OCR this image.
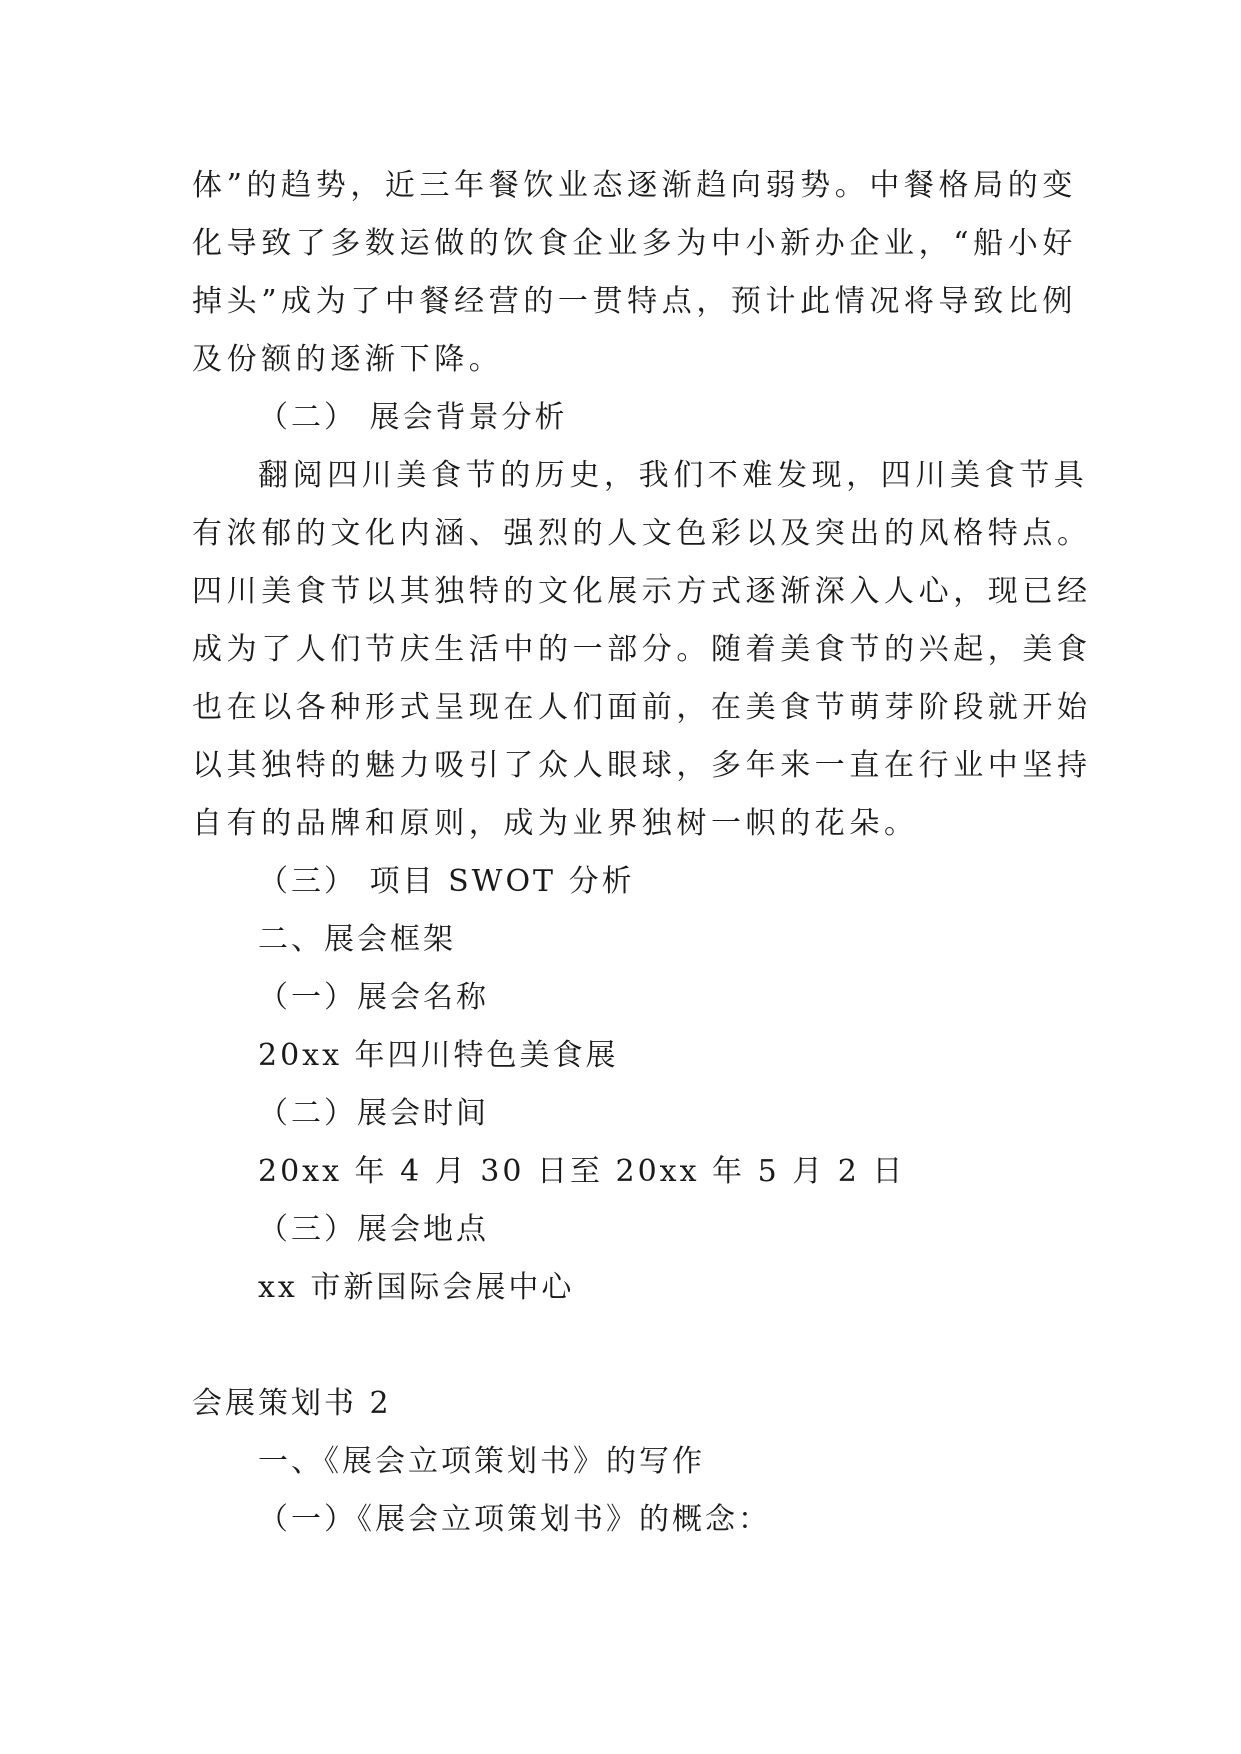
体”的趋势，近三年餐饮业态逐渐趋向弱势。中餐格局的变
化导致了多数运做的饮食企业多为中小新办企业，“船小好
掉头”成为了中餐经营的一贯特点，预计此情况将导致比例
及份额的逐渐下降。
（二） 展会背景分析
翻阅四川美食节的历史，我们不难发现，四川美食节具
有浓郁的文化内涵、强烈的人文色彩以及突出的风格特点。
四川美食节以其独特的文化展示方式逐渐深入人心，现已经
成为了人们节庆生活中的一部分。随着美食节的兴起，美食
也在以各种形式呈现在人们面前，在美食节萌芽阶段就开始
以其独特的魅力吸引了众人眼球，多年来一直在行业中坚持
自有的品牌和原则，成为业界独树一帜的花朵。
（三） 项目 SWOT 分析
二、展会框架
（一）展会名称
20xx 年四川特色美食展
（二）展会时间
20xx 年 4 月 30 日至 20xx 年 5 月 2 日
（三）展会地点
xx 市新国际会展中心
会展策划书 2
一、《展会立项策划书》的写作
（一）《展会立项策划书》的概念：
